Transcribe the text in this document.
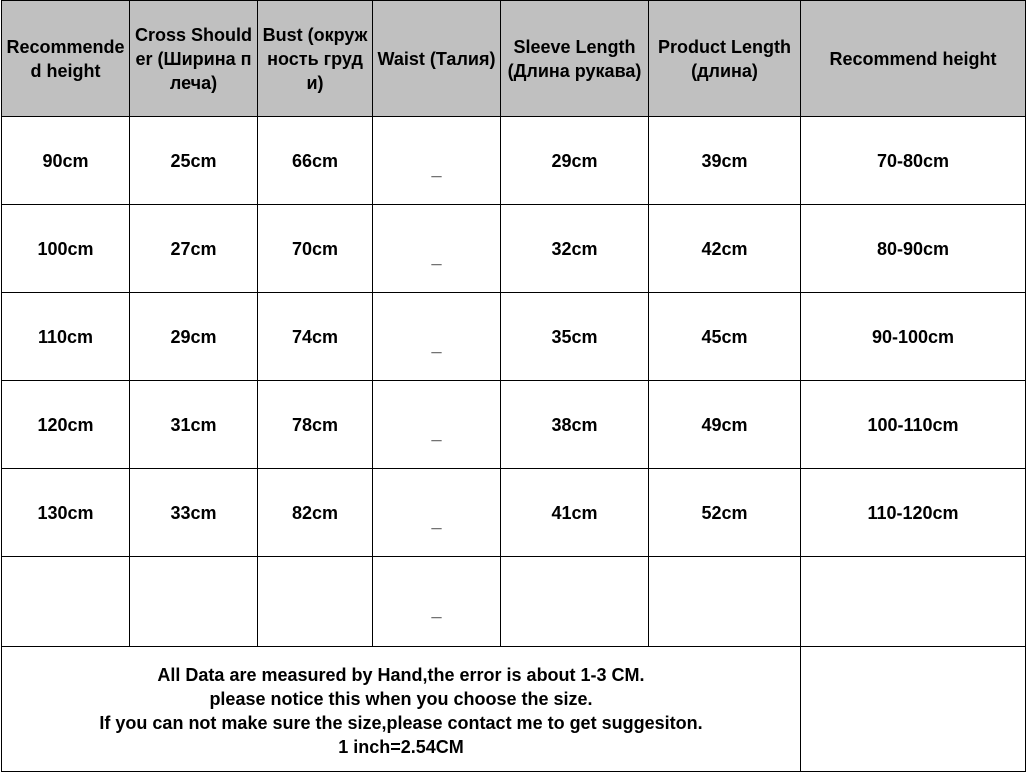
Recommended height	Cross Shoulder (Ширина плеча)	Bust (окружность груди)	Waist (Талия)	Sleeve Length (Длина рукава)	Product Length (длина)	Recommend height
90cm	25cm	66cm	_	29cm	39cm	70-80cm
100cm	27cm	70cm	_	32cm	42cm	80-90cm
110cm	29cm	74cm	_	35cm	45cm	90-100cm
120cm	31cm	78cm	_	38cm	49cm	100-110cm
130cm	33cm	82cm	_	41cm	52cm	110-120cm
			_			

All Data are measured by Hand,the error is about 1-3 CM.
please notice this when you choose the size.
If you can not make sure the size,please contact me to get suggesiton.
1 inch=2.54CM						
